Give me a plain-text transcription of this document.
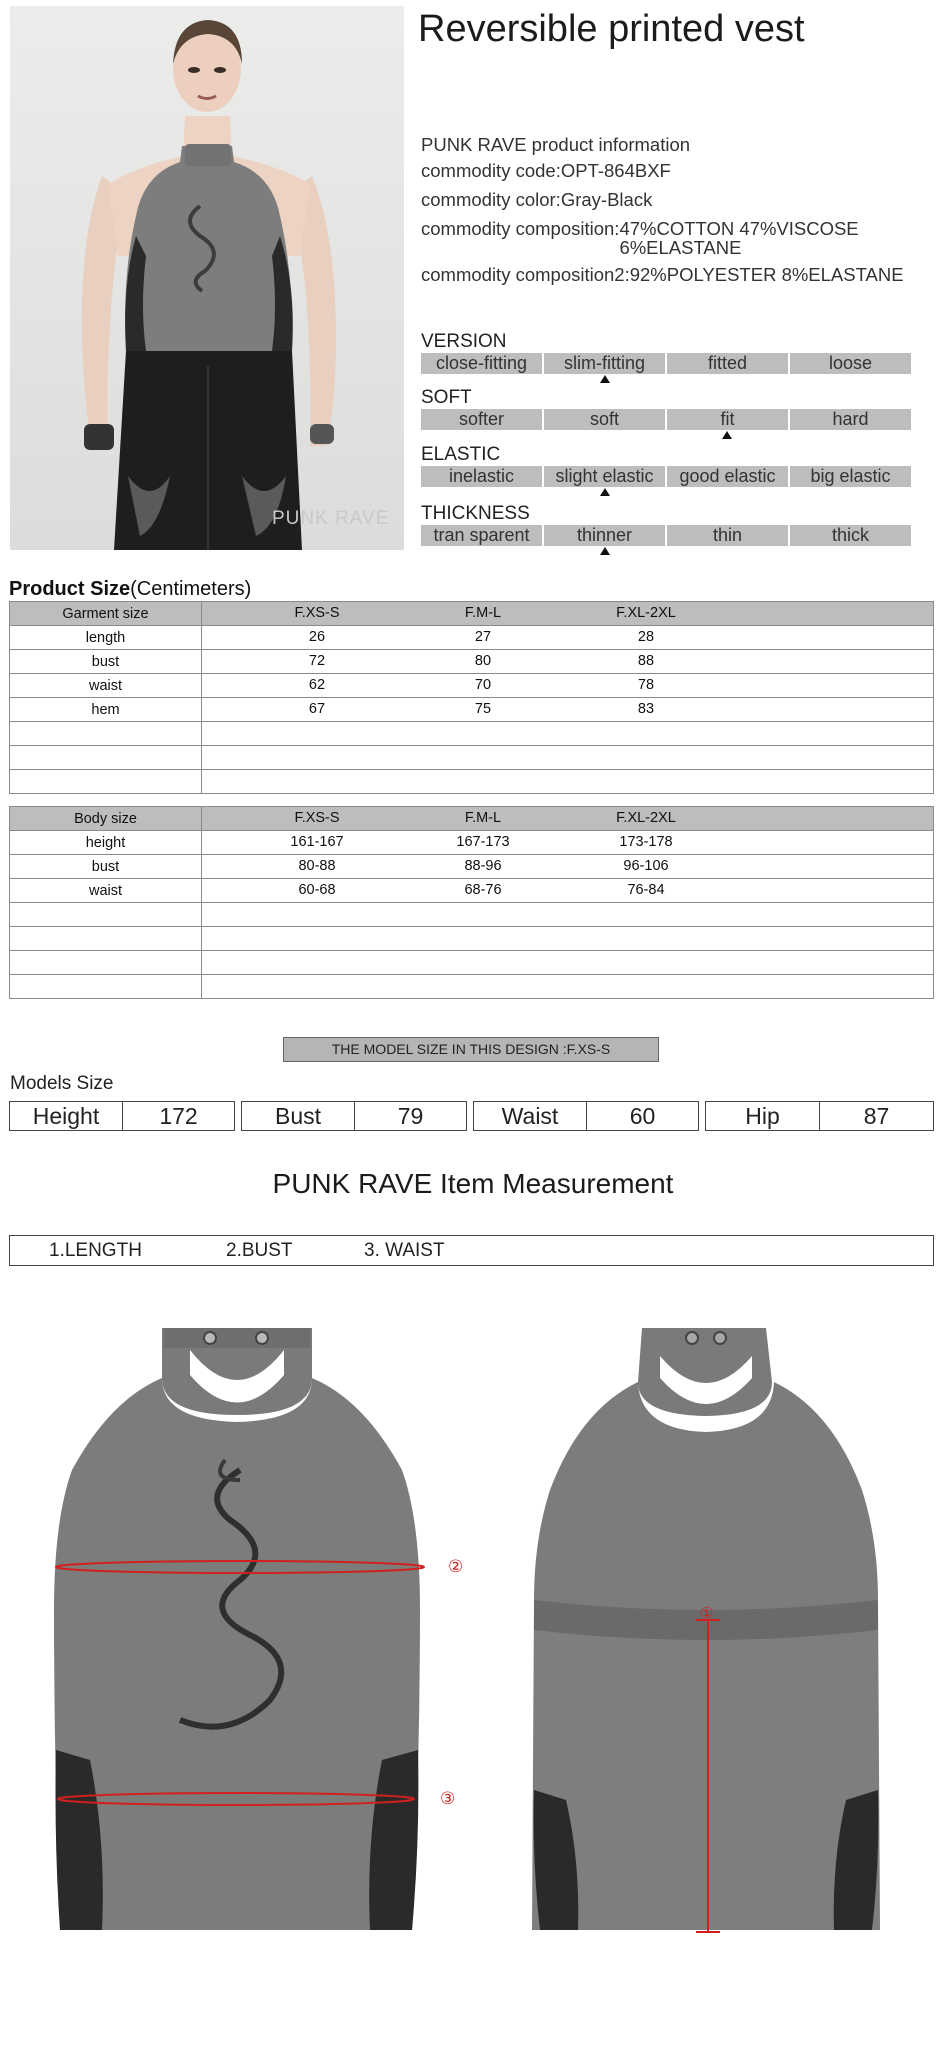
PUNK RAVE
Reversible printed vest
PUNK RAVE product information
commodity code:OPT-864BXF
commodity color:Gray-Black
commodity composition:47%COTTON 47%VISCOSE 6%ELASTANE
commodity composition2:92%POLYESTER 8%ELASTANE
VERSION
close-fitting	slim-fitting	fitted	loose
SOFT
softer	soft	fit	hard
ELASTIC
inelastic	slight elastic	good elastic	big elastic
THICKNESS
tran sparent	thinner	thin	thick
Product Size(Centimeters)
Garment size	F.XS-S F.M-L F.XL-2XL

length	26 27 28

bust	72 80 88

waist	62 70 78

hem	67 75 83

Body size	F.XS-S F.M-L F.XL-2XL

height	161-167 167-173 173-178

bust	80-88 88-96 96-106

waist	60-68 68-76 76-84

THE MODEL SIZE IN THIS DESIGN :F.XS-S
Models Size
Height	172	Bust	79	Waist	60	Hip	87
PUNK RAVE Item Measurement
1.LENGTH	2.BUST	3. WAIST
②
③
①
